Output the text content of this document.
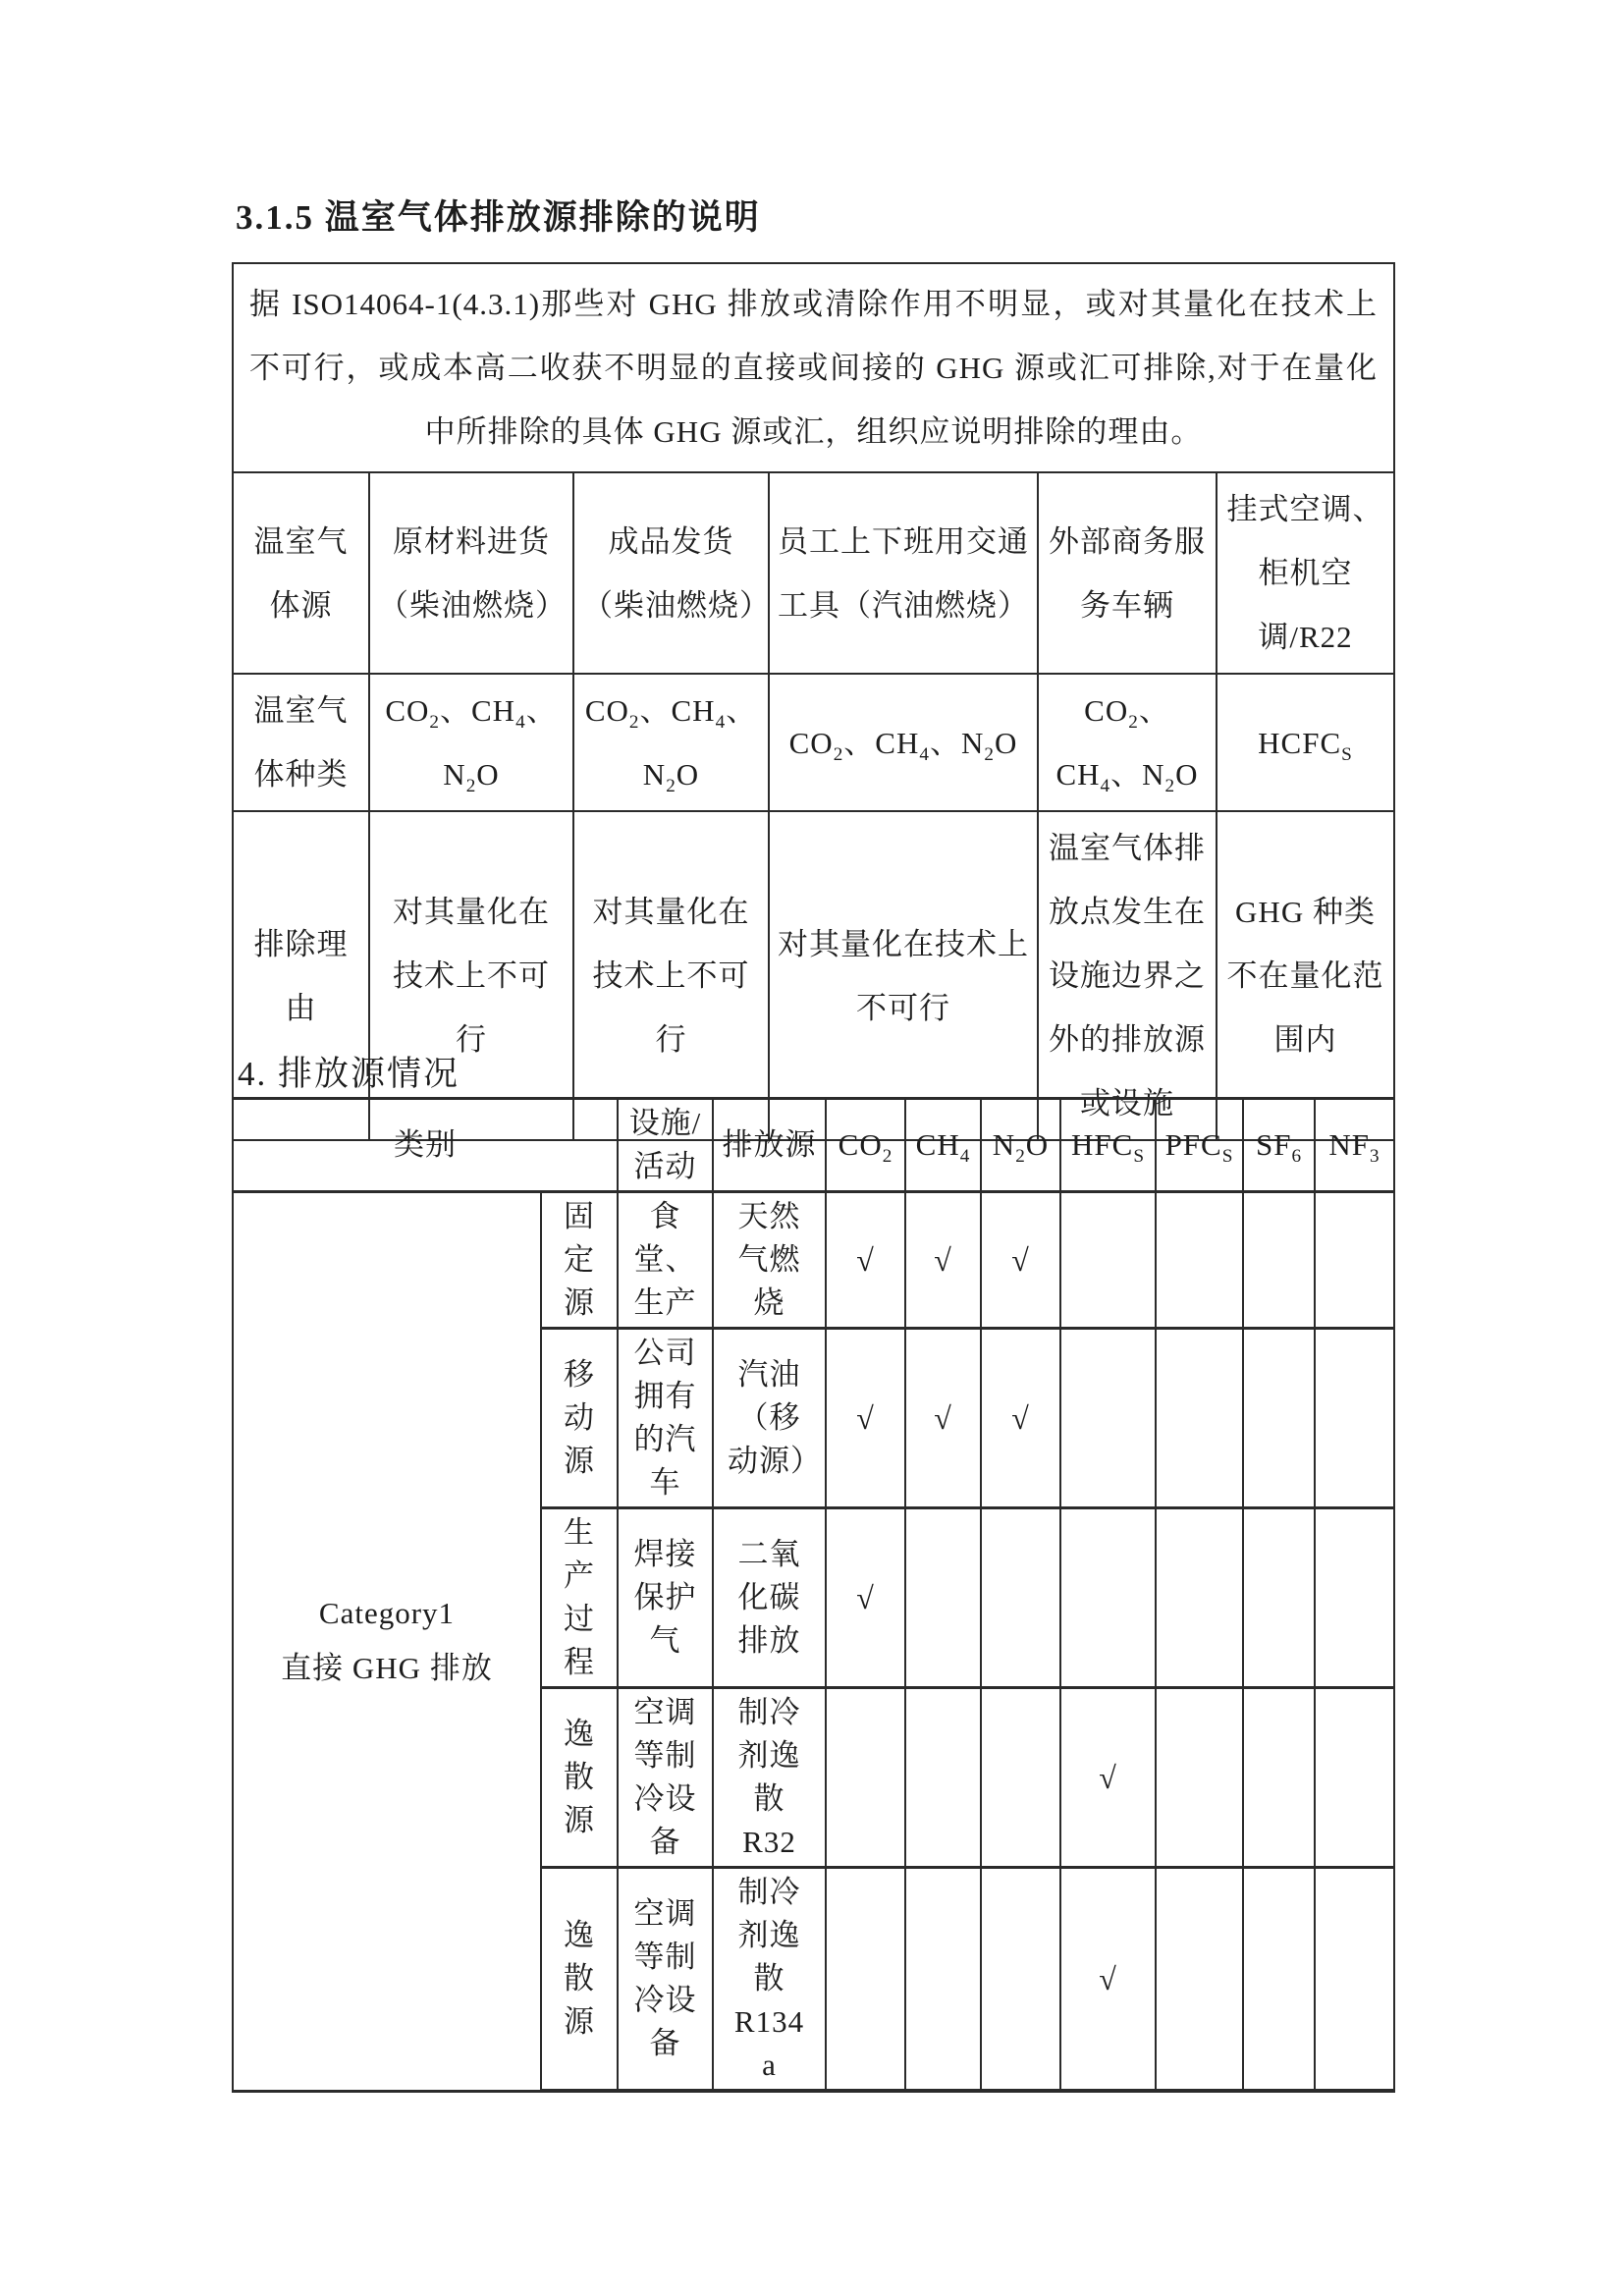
3.1.5 温室气体排放源排除的说明
据 ISO14064-1(4.3.1)那些对 GHG 排放或清除作用不明显，或对其量化在技术上不可行，或成本高二收获不明显的直接或间接的 GHG 源或汇可排除,对于在量化中所排除的具体 GHG 源或汇，组织应说明排除的理由。					
温室气体源	原材料进货（柴油燃烧）	成品发货（柴油燃烧）	员工上下班用交通工具（汽油燃烧）	外部商务服务车辆	挂式空调、柜机空调/R22
温室气体种类	$CO_2$、$CH_4$、$N_2O$	$CO_2$、$CH_4$、$N_2O$	$CO_2$、$CH_4$、$N_2O$	$CO_2$、$CH_4$、$N_2O$	$HCFC_S$
排除理由	对其量化在技术上不可行	对其量化在技术上不可行	对其量化在技术上不可行	温室气体排放点发生在设施边界之外的排放源或设施	GHG 种类不在量化范围内
4. 排放源情况
类别		设施/活动	排放源	$CO_2$	$CH_4$	$N_2O$	$HFC_S$	$PFC_S$	$SF_6$	$NF_3$

Category1
直接 GHG 排放	固定源	食堂、生产	天然气燃烧	√	√	√				
	移动源	公司拥有的汽车	汽油（移动源）	√	√	√				
	生产过程	焊接保护气	二氧化碳排放	√						
	逸散源	空调等制冷设备	制冷剂逸散 R32				√			
	逸散源	空调等制冷设备	制冷剂逸散 R134a				√			
